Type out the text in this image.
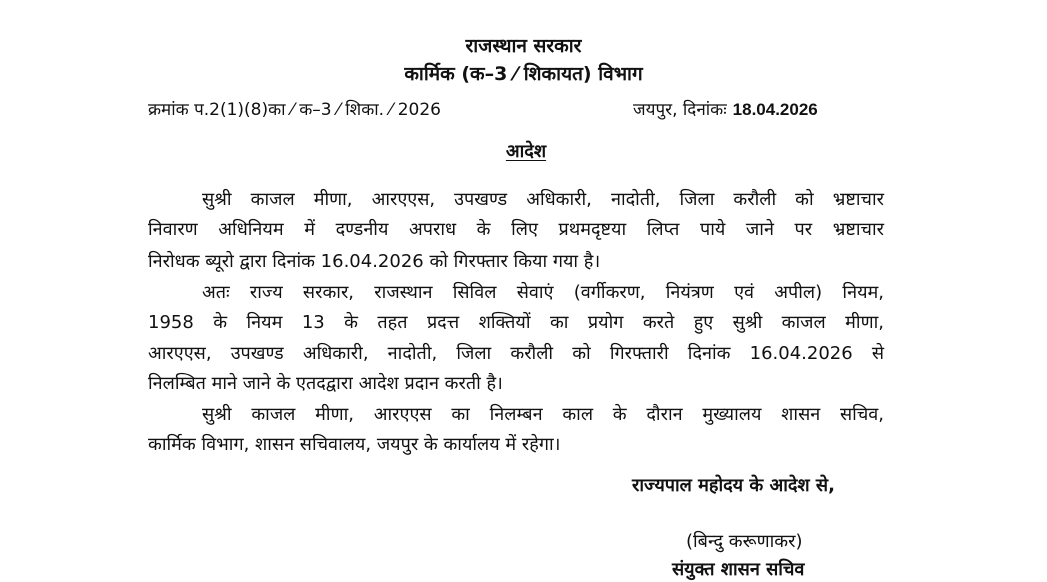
राजस्थान सरकार
कार्मिक (क–3 ⁄ शिकायत) विभाग
क्रमांक प.2(1)(8)का ⁄ क–3 ⁄ शिका. ⁄ 2026	जयपुर, दिनांकः 18.04.2026
आदेश
सुश्री काजल मीणा, आरएएस, उपखण्ड अधिकारी, नादोती, जिला करौली को भ्रष्टाचार
निवारण अधिनियम में दण्डनीय अपराध के लिए प्रथमदृष्टया लिप्त पाये जाने पर भ्रष्टाचार
निरोधक ब्यूरो द्वारा दिनांक 16.04.2026 को गिरफ्तार किया गया है।
अतः राज्य सरकार, राजस्थान सिविल सेवाएं (वर्गीकरण, नियंत्रण एवं अपील) नियम,
1958 के नियम 13 के तहत प्रदत्त शक्तियों का प्रयोग करते हुए सुश्री काजल मीणा,
आरएएस, उपखण्ड अधिकारी, नादोती, जिला करौली को गिरफ्तारी दिनांक 16.04.2026 से
निलम्बित माने जाने के एतदद्वारा आदेश प्रदान करती है।
सुश्री काजल मीणा, आरएएस का निलम्बन काल के दौरान मुख्यालय शासन सचिव,
कार्मिक विभाग, शासन सचिवालय, जयपुर के कार्यालय में रहेगा।
राज्यपाल महोदय के आदेश से,
(बिन्दु करूणाकर)
संयुक्त शासन सचिव
